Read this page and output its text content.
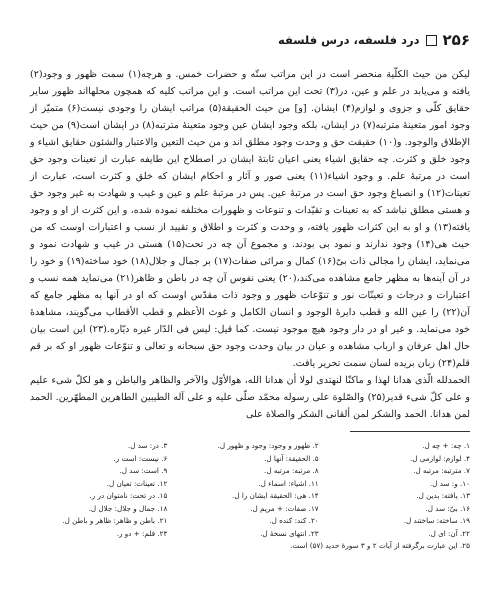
۲۵۶
درد فلسفه، درس فلسفه

لیکن من حیث الکلّیة منحصر است در این مراتب ستّه و حضرات خمس. و هرچه(۱) سمت ظهور و وجود(۲) یافته و می‌یابد در علم و عین، در(۳) تحت این مراتب است. و این مراتب کلیه که همچون محلهااند ظهور سایر حقایق کلّی و جزوی و لوازم(۴) ایشان. [و] من حیث الحقیقة(۵) مراتب ایشان را وجودی نیست(۶) متمیّز از وجود امور متعینهٔ مترتبه(۷) در ایشان، بلکه وجود ایشان عین وجود متعینهٔ مترتبه(۸) در ایشان است(۹) من حیث الإطلاق والوجود. و(۱۰) حقیقت حق و وحدت وجود مطلق اند و من حیث التعین والاعتبار والشئون حقایق اشیاء و وجود خلق و کثرت. چه حقایق اشیاء یعنی اعیان ثابتهٔ ایشان در اصطلاح این طایفه عبارت از تعینات وجود حق است در مرتبهٔ علم. و وجود اشیاء(۱۱) یعنی صور و آثار و احکام ایشان که خلق و کثرت است، عبارت از تعینات(۱۲) و انصباغ وجود حق است در مرتبهٔ عین. پس در مرتبهٔ علم و عین و غیب و شهادت به غیر وجود حق و هستی مطلق نباشد که به تعینات و تقیّدات و تنوعات و ظهورات مختلفه نموده شده، و این کثرت از او و وجود یافته(۱۳) و او به این کثرات ظهور یافته، و وحدت و کثرت و اطلاق و تقیید از نسب و اعتبارات اوست که من حیث هی(۱۴) وجود ندارند و نمود بی بودند. و مجموع آن چه در تحت(۱۵) هستی در غیب و شهادت نمود و می‌نماید، ایشان را مجالی ذات بیّ(۱۶) کمال و مرائی صفات(۱۷) بر جمال و جلال(۱۸) خود ساخته(۱۹) و خود را در آن آینه‌ها به مظهر جامع مشاهده می‌کند،(۲۰) یعنی نفوس آن چه در باطن و ظاهر(۲۱) می‌نماید همه نسب و اعتبارات و درجات و تعینّات نور و تنوّعات ظهور و وجود ذات مقدّس اوست که او در آنها به مظهر جامع که آن(۲۲) را عین الله و قطب دایرهٔ الوجود و انسان الکامل و غوث الأعظم و قطب الأقطاب می‌گویند، مشاهدهٔ خود می‌نماید. و غیر او در دار وجود هیچ موجود نیست. کما قیل: لیس فی الدّار غیره دیّاره.(۲۳) این است بیان حال اهل عرفان و ارباب مشاهده و عیان در بیان وحدت وجود حق سبحانه و تعالی و تنوّعات ظهور او که بر قم قلم(۲۴) زبان بریده لسان سمت تحریر یافت.

الحمدلله الّذی هدانا لهذا و ماکنّا لنهتدی لولا أن هدانا الله، هوالأوّل والآخر والظاهر والباطن و هو لکلّ شیء علیم و علی کلّ شیء قدیر(۲۵) والصّلوة علی رسوله محمّد صلّی علیه و علی آله الطیبین الطاهرین المطهّرین. الحمد لمن هدانا. الحمد والشکر لمن ألقانی الشکر والصلاة علی

۱. چه: + چه ل.
۲. ظهور و وجود: وجود و ظهور ل.
۳. در: سد ل.
۴. لوازم: لوازمی ل.
۵. الحقیقة: آنها ل.
۶. نیست: است ر.
۷. مترتبه: مرتبه ل.
۸. مرتبه: مرتبه ل.
۹. است: سد ل.
۱۰. و: سد ل.
۱۱. اشیاء: اسماء ل.
۱۲. تعینات: تعیان ل.
۱۳. یافته: بدین ل.
۱۴. هی: الحقیقة ایشان را ل.
۱۵. در تحت: نامتوان در ر.
۱۶. بیّ: سد ل.
۱۷. صفات: + مریم ل.
۱۸. جمال و جلال: جلال ل.
۱۹. ساخته: ساختند ل.
۲۰. کند: کنده ل.
۲۱. باطن و ظاهر: ظاهر و باطن ل.
۲۲. آن: ای ل.
۲۳. انتهای نسخهٔ ل.
۲۴. قلم: + دو ر.
۲۵. این عبارت برگرفته از آیات ۲ و ۳ سورهٔ حدید (۵۷) است.
